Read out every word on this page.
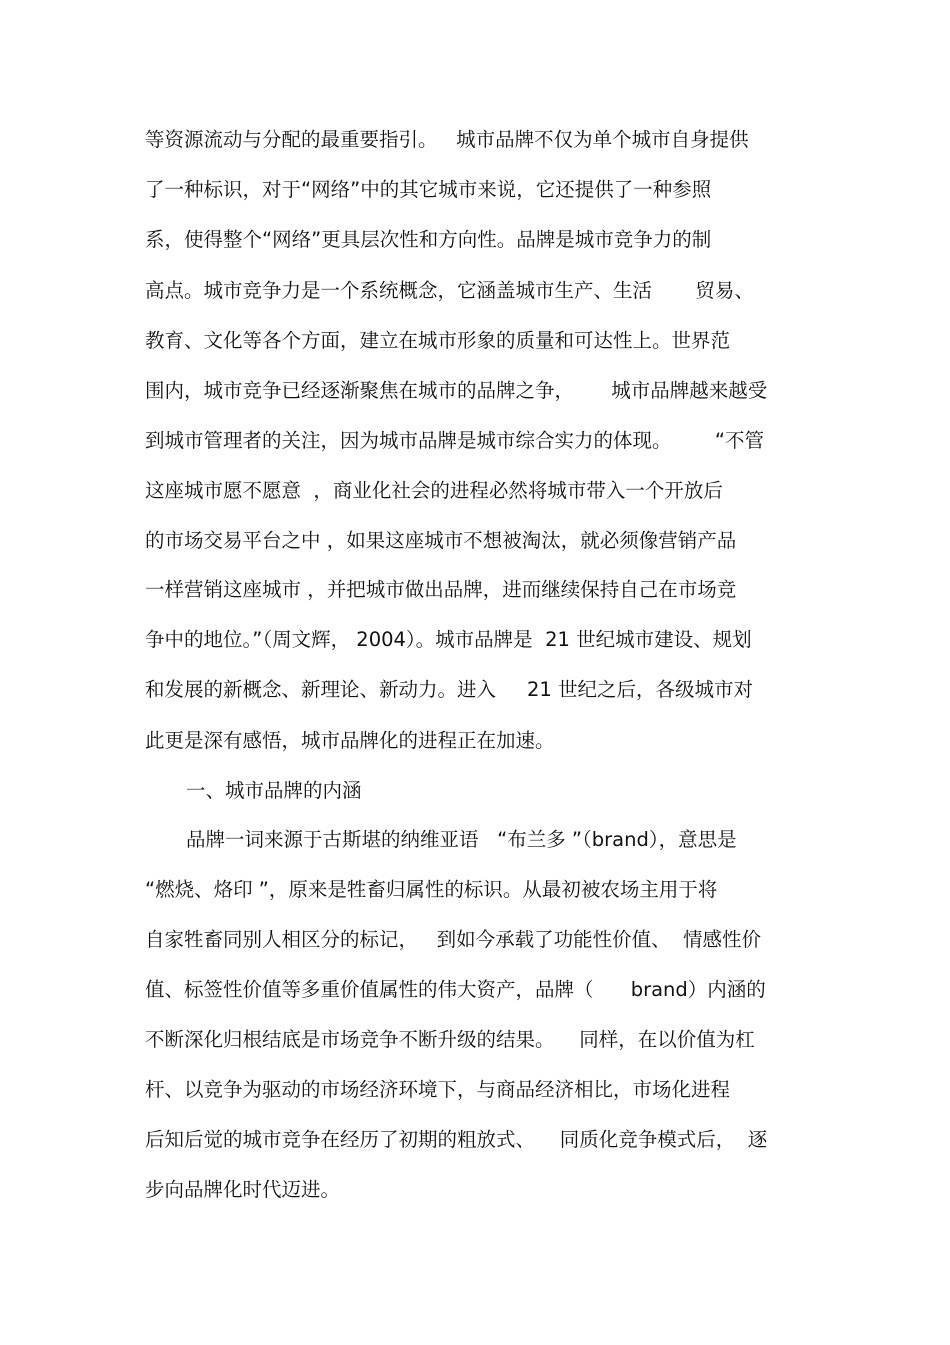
等资源流动与分配的最重要指引。   城市品牌不仅为单个城市自身提供

了一种标识，对于“网络”中的其它城市来说，它还提供了一种参照

系，使得整个“网络”更具层次性和方向性。品牌是城市竞争力的制

高点。城市竞争力是一个系统概念，它涵盖城市生产、生活       贸易、

教育、文化等各个方面，建立在城市形象的质量和可达性上。世界范

围内，城市竞争已经逐渐聚焦在城市的品牌之争，      城市品牌越来越受

到城市管理者的关注，因为城市品牌是城市综合实力的体现。       “不管

这座城市愿不愿意  ，商业化社会的进程必然将城市带入一个开放后

的市场交易平台之中 ，如果这座城市不想被淘汰，就必须像营销产品

一样营销这座城市 ，并把城市做出品牌，进而继续保持自己在市场竞

争中的地位。”（周文辉， 2004）。城市品牌是  21 世纪城市建设、规划

和发展的新概念、新理论、新动力。进入     21 世纪之后，各级城市对

此更是深有感悟，城市品牌化的进程正在加速。

一、城市品牌的内涵

品牌一词来源于古斯堪的纳维亚语   “布兰多 ”（brand），意思是

“燃烧、烙印 ”，原来是牲畜归属性的标识。从最初被农场主用于将

自家牲畜同别人相区分的标记，   到如今承载了功能性价值、  情感性价

值、标签性价值等多重价值属性的伟大资产，品牌（      brand）内涵的

不断深化归根结底是市场竞争不断升级的结果。    同样，在以价值为杠

杆、以竞争为驱动的市场经济环境下，与商品经济相比，市场化进程

后知后觉的城市竞争在经历了初期的粗放式、    同质化竞争模式后，  逐

步向品牌化时代迈进。
